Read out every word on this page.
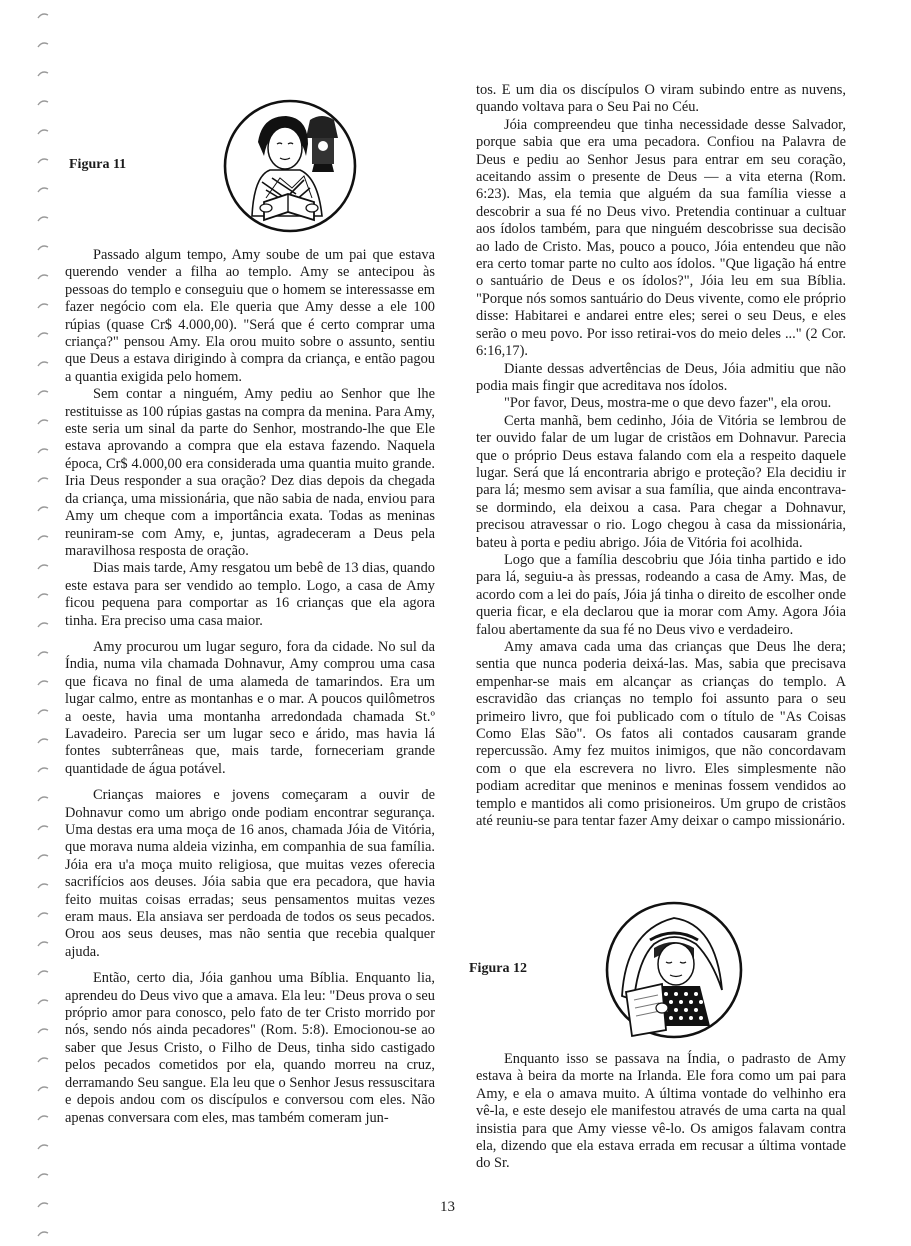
Figura 11

Passado algum tempo, Amy soube de um pai que estava querendo vender a filha ao templo. Amy se antecipou às pessoas do templo e conseguiu que o homem se interessasse em fazer negócio com ela. Ele queria que Amy desse a ele 100 rúpias (quase Cr$ 4.000,00). "Será que é certo comprar uma criança?" pensou Amy. Ela orou muito sobre o assunto, sentiu que Deus a estava dirigindo à compra da criança, e então pagou a quantia exigida pelo homem.

Sem contar a ninguém, Amy pediu ao Senhor que lhe restituisse as 100 rúpias gastas na compra da menina. Para Amy, este seria um sinal da parte do Senhor, mostrando-lhe que Ele estava aprovando a compra que ela estava fazendo. Naquela época, Cr$ 4.000,00 era considerada uma quantia muito grande. Iria Deus responder a sua oração? Dez dias depois da chegada da criança, uma missionária, que não sabia de nada, enviou para Amy um cheque com a importância exata. Todas as meninas reuniram-se com Amy, e, juntas, agradeceram a Deus pela maravilhosa resposta de oração.

Dias mais tarde, Amy resgatou um bebê de 13 dias, quando este estava para ser vendido ao templo. Logo, a casa de Amy ficou pequena para comportar as 16 crianças que ela agora tinha. Era preciso uma casa maior.

Amy procurou um lugar seguro, fora da cidade. No sul da Índia, numa vila chamada Dohnavur, Amy comprou uma casa que ficava no final de uma alameda de tamarindos. Era um lugar calmo, entre as montanhas e o mar. A poucos quilômetros a oeste, havia uma montanha arredondada chamada St.º Lavadeiro. Parecia ser um lugar seco e árido, mas havia lá fontes subterrâneas que, mais tarde, forneceriam grande quantidade de água potável.

Crianças maiores e jovens começaram a ouvir de Dohnavur como um abrigo onde podiam encontrar segurança. Uma destas era uma moça de 16 anos, chamada Jóia de Vitória, que morava numa aldeia vizinha, em companhia de sua família. Jóia era u'a moça muito religiosa, que muitas vezes oferecia sacrifícios aos deuses. Jóia sabia que era pecadora, que havia feito muitas coisas erradas; seus pensamentos muitas vezes eram maus. Ela ansiava ser perdoada de todos os seus pecados. Orou aos seus deuses, mas não sentia que recebia qualquer ajuda.

Então, certo dia, Jóia ganhou uma Bíblia. Enquanto lia, aprendeu do Deus vivo que a amava. Ela leu: "Deus prova o seu próprio amor para conosco, pelo fato de ter Cristo morrido por nós, sendo nós ainda pecadores" (Rom. 5:8). Emocionou-se ao saber que Jesus Cristo, o Filho de Deus, tinha sido castigado pelos pecados cometidos por ela, quando morreu na cruz, derramando Seu sangue. Ela leu que o Senhor Jesus ressuscitara e depois andou com os discípulos e conversou com eles. Não apenas conversara com eles, mas também comeram jun-

tos. E um dia os discípulos O viram subindo entre as nuvens, quando voltava para o Seu Pai no Céu.

Jóia compreendeu que tinha necessidade desse Salvador, porque sabia que era uma pecadora. Confiou na Palavra de Deus e pediu ao Senhor Jesus para entrar em seu coração, aceitando assim o presente de Deus — a vita eterna (Rom. 6:23). Mas, ela temia que alguém da sua família viesse a descobrir a sua fé no Deus vivo. Pretendia continuar a cultuar aos ídolos também, para que ninguém descobrisse sua decisão ao lado de Cristo. Mas, pouco a pouco, Jóia entendeu que não era certo tomar parte no culto aos ídolos. "Que ligação há entre o santuário de Deus e os ídolos?", Jóia leu em sua Bíblia. "Porque nós somos santuário do Deus vivente, como ele próprio disse: Habitarei e andarei entre eles; serei o seu Deus, e eles serão o meu povo. Por isso retirai-vos do meio deles ..." (2 Cor. 6:16,17).

Diante dessas advertências de Deus, Jóia admitiu que não podia mais fingir que acreditava nos ídolos.

"Por favor, Deus, mostra-me o que devo fazer", ela orou.

Certa manhã, bem cedinho, Jóia de Vitória se lembrou de ter ouvido falar de um lugar de cristãos em Dohnavur. Parecia que o próprio Deus estava falando com ela a respeito daquele lugar. Será que lá encontraria abrigo e proteção? Ela decidiu ir para lá; mesmo sem avisar a sua família, que ainda encontrava-se dormindo, ela deixou a casa. Para chegar a Dohnavur, precisou atravessar o rio. Logo chegou à casa da missionária, bateu à porta e pediu abrigo. Jóia de Vitória foi acolhida.

Logo que a família descobriu que Jóia tinha partido e ido para lá, seguiu-a às pressas, rodeando a casa de Amy. Mas, de acordo com a lei do país, Jóia já tinha o direito de escolher onde queria ficar, e ela declarou que ia morar com Amy. Agora Jóia falou abertamente da sua fé no Deus vivo e verdadeiro.

Amy amava cada uma das crianças que Deus lhe dera; sentia que nunca poderia deixá-las. Mas, sabia que precisava empenhar-se mais em alcançar as crianças do templo. A escravidão das crianças no templo foi assunto para o seu primeiro livro, que foi publicado com o título de "As Coisas Como Elas São". Os fatos ali contados causaram grande repercussão. Amy fez muitos inimigos, que não concordavam com o que ela escrevera no livro. Eles simplesmente não podiam acreditar que meninos e meninas fossem vendidos ao templo e mantidos ali como prisioneiros. Um grupo de cristãos até reuniu-se para tentar fazer Amy deixar o campo missionário.

Figura 12

Enquanto isso se passava na Índia, o padrasto de Amy estava à beira da morte na Irlanda. Ele fora como um pai para Amy, e ela o amava muito. A última vontade do velhinho era vê-la, e este desejo ele manifestou através de uma carta na qual insistia para que Amy viesse vê-lo. Os amigos falavam contra ela, dizendo que ela estava errada em recusar a última vontade do Sr.

13
